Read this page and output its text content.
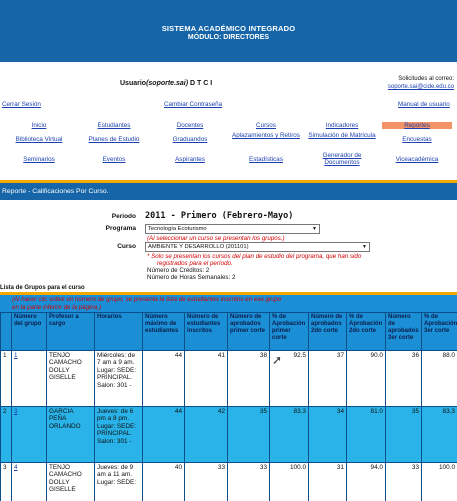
SISTEMA ACADÉMICO INTEGRADO
MÓDULO: DIRECTORES
Usuario(soporte.sai) D T C I
Solicitudes al correo:
soporte.sai@cide.edu.co
Cerrar Sesión	Cambiar Contraseña	Manual de usuario
Inicio	Estudiantes	Docentes	Cursos	Indicadores	Reportes
Biblioteca Virtual	Planes de Estudio	Graduandos
Aplazamientos y Retiros Simulación de Matrícula
Encuestas
Seminarios	Eventos	Aspirantes	Estadísticas
Generador de Documentos	Viceacadémica
Reporte - Calificaciones Por Curso.
Periodo 2011 - Primero (Febrero-Mayo)
Programa	Tecnología Ecoturismo	▼
(Al seleccionar un curso se presentan los grupos.)
Curso	AMBIENTE Y DESARROLLO (201101)	▼
* Solo se presentan los cursos del plan de estudio del programa, que han sido
registrados para el período.
Número de Créditos: 2
Número de Horas Semanales: 2
Lista de Grupos para el curso
(Al hacer clic sobre un número de grupo, se presenta la lista de estudiantes inscritos en ese grupo
en la parte inferior de la página.)
	Número del grupo	Profesor a cargo	Horarios	Número máximo de estudiantes	Número de estudiantes inscritos	Número de aprobados primer corte	% de Aprobación primer corte	Número de aprobados 2do corte	% de Aprobación 2do corte	Número de aprobados 3er corte	% de Aprobación 3er corte
1	1	TENJO CAMACHO DOLLY GISELLE	Miércoles: de 7 am a 9 am. Lugar: SEDE: PRINCIPAL. Salon: 301 -	44	41	38	92.5	37	90.0	36	88.0
2	3	GARCIA PEÑA ORLANDO	Jueves: de 6 pm a 8 pm. Lugar: SEDE: PRINCIPAL. Salon: 301 -	44	42	35	83.3	34	81.0	35	83.3
3	4	TENJO CAMACHO DOLLY GISELLE	Jueves: de 9 am a 11 am. Lugar: SEDE:	40	33	33	100.0	31	94.0	33	100.0
➚
